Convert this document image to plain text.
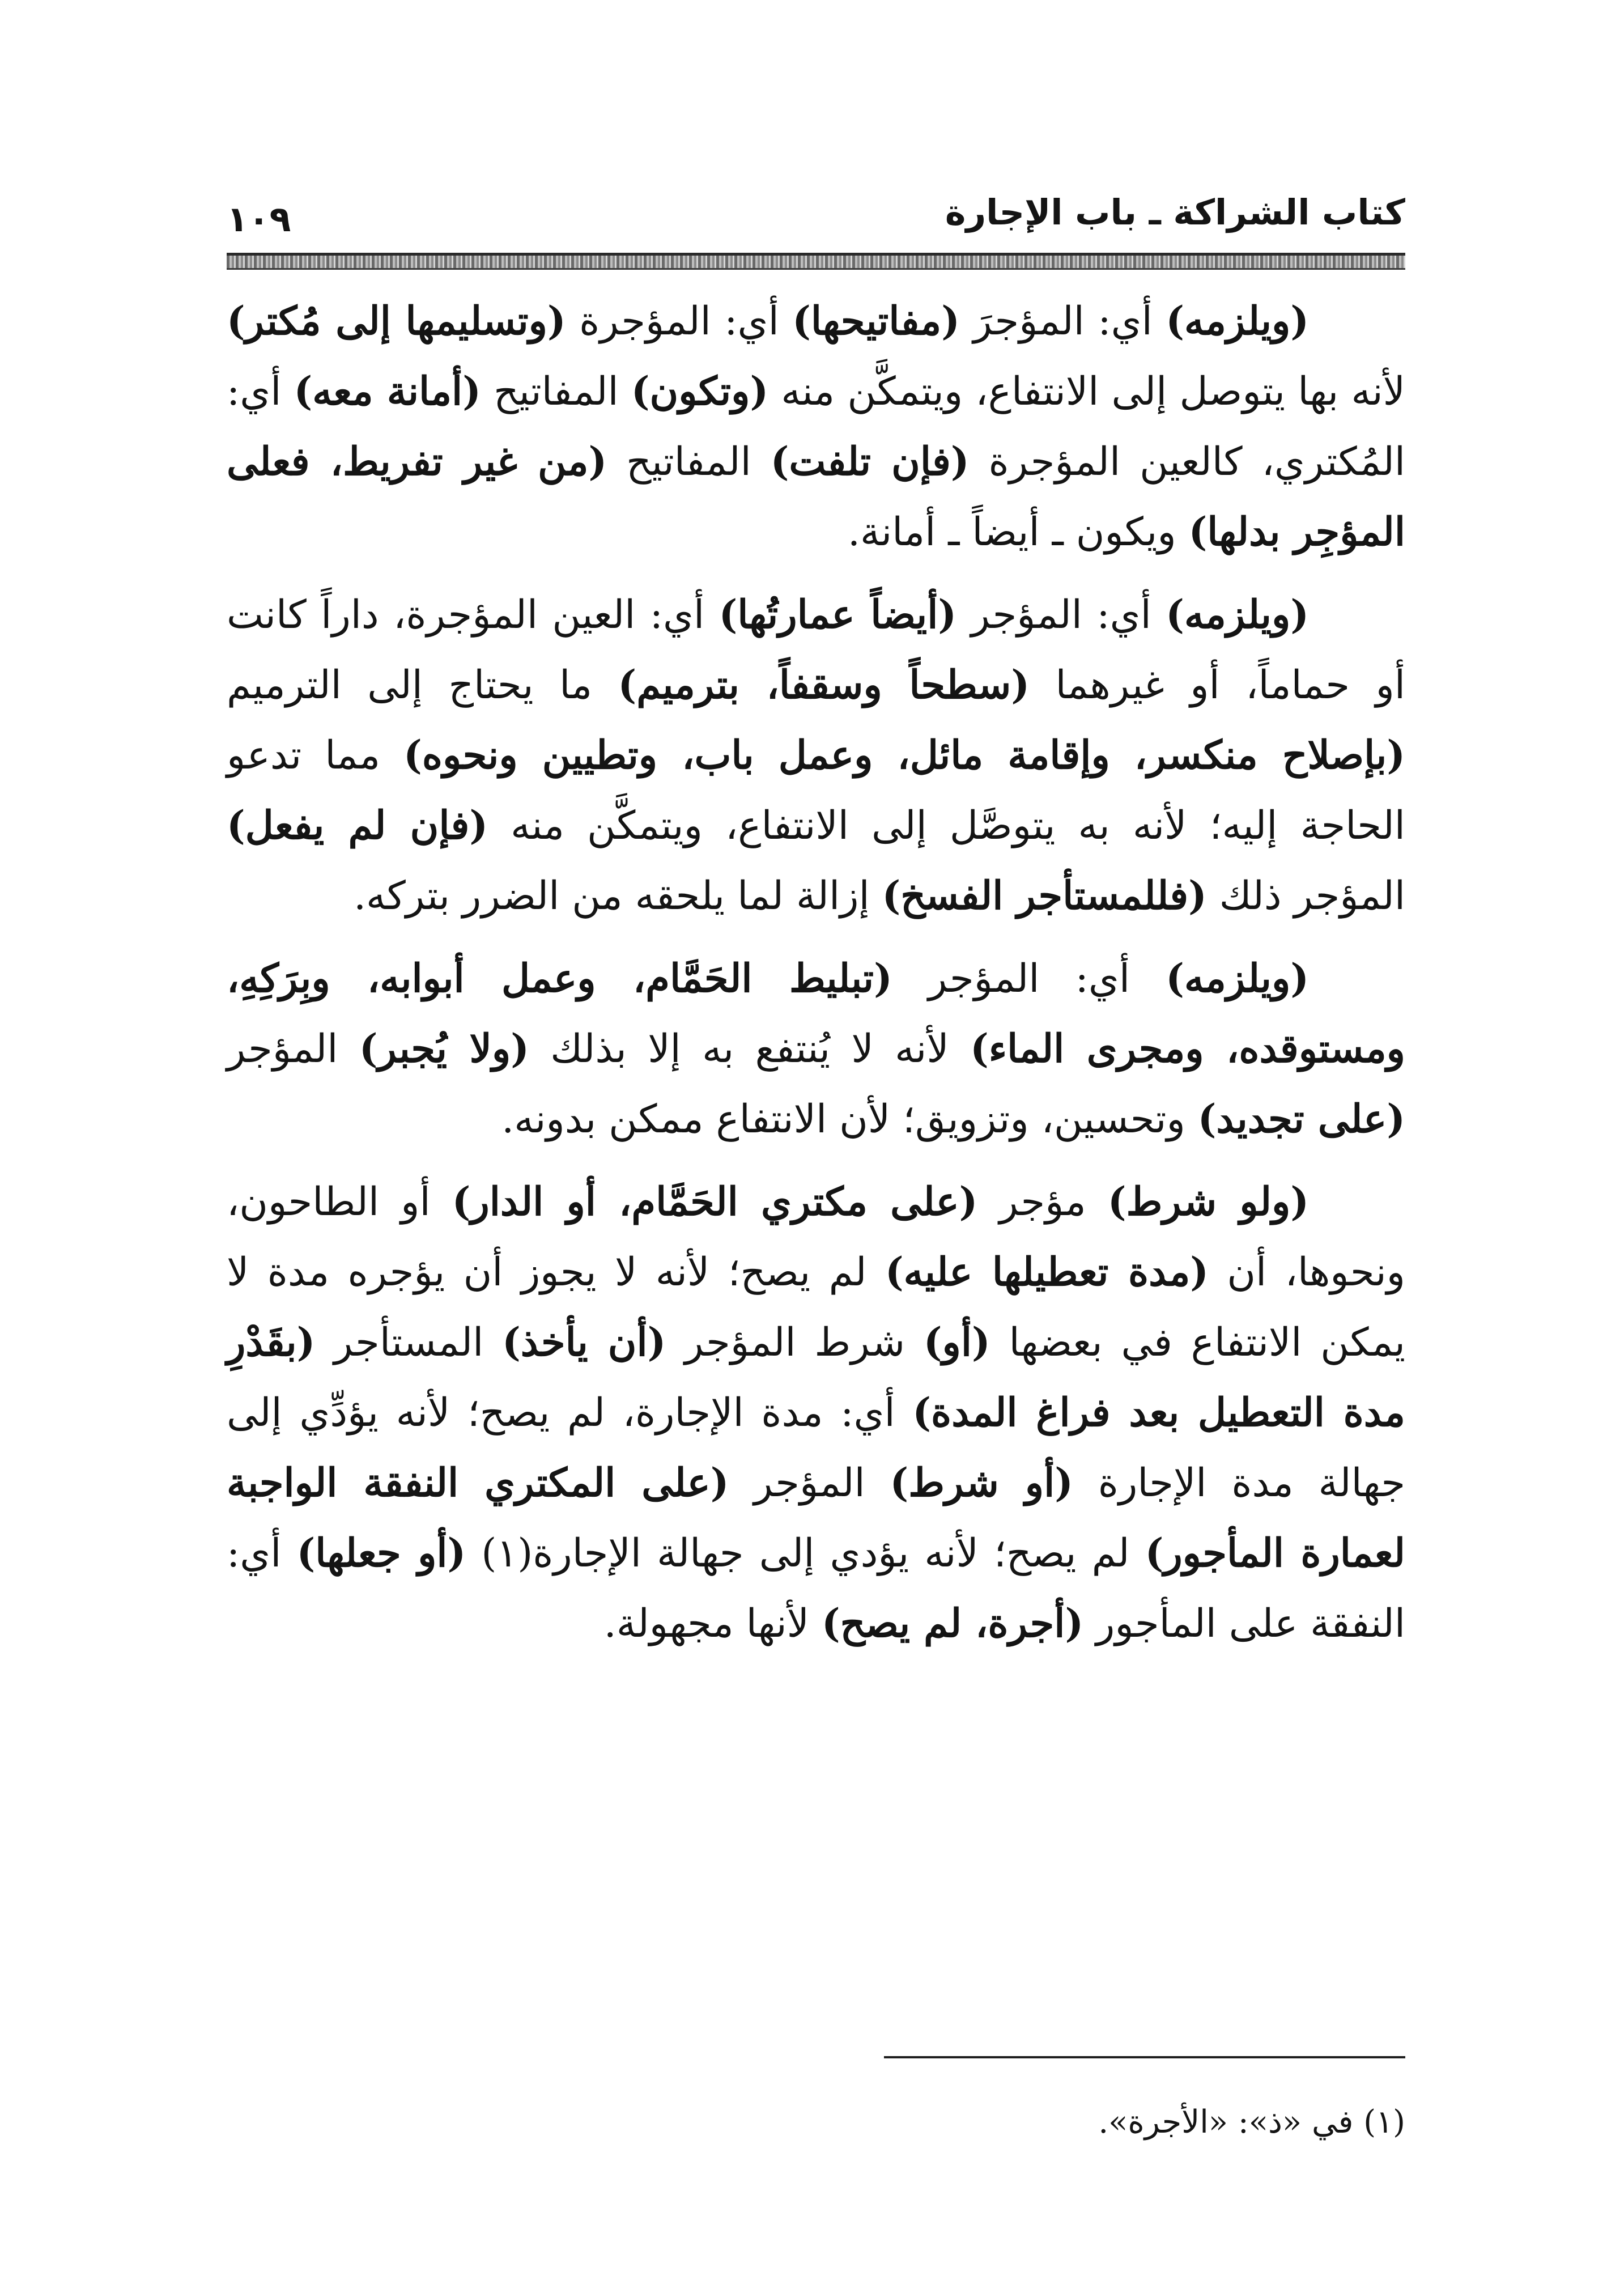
كتاب الشراكة ـ باب الإجارة
١٠٩

(ويلزمه) أي: المؤجرَ (مفاتيحها) أي: المؤجرة (وتسليمها إلى مُكتر) لأنه بها يتوصل إلى الانتفاع، ويتمكَّن منه (وتكون) المفاتيح (أمانة معه) أي: المُكتري، كالعين المؤجرة (فإن تلفت) المفاتيح (من غير تفريط، فعلى المؤجِر بدلها) ويكون ـ أيضاً ـ أمانة.

(ويلزمه) أي: المؤجر (أيضاً عمارتُها) أي: العين المؤجرة، داراً كانت أو حماماً، أو غيرهما (سطحاً وسقفاً، بترميم) ما يحتاج إلى الترميم (بإصلاح منكسر، وإقامة مائل، وعمل باب، وتطيين ونحوه) مما تدعو الحاجة إليه؛ لأنه به يتوصَّل إلى الانتفاع، ويتمكَّن منه (فإن لم يفعل) المؤجر ذلك (فللمستأجر الفسخ) إزالة لما يلحقه من الضرر بتركه.

(ويلزمه) أي: المؤجر (تبليط الحَمَّام، وعمل أبوابه، وبِرَكِهِ، ومستوقده، ومجرى الماء) لأنه لا يُنتفع به إلا بذلك (ولا يُجبر) المؤجر (على تجديد) وتحسين، وتزويق؛ لأن الانتفاع ممكن بدونه.

(ولو شرط) مؤجر (على مكتري الحَمَّام، أو الدار) أو الطاحون، ونحوها، أن (مدة تعطيلها عليه) لم يصح؛ لأنه لا يجوز أن يؤجره مدة لا يمكن الانتفاع في بعضها (أو) شرط المؤجر (أن يأخذ) المستأجر (بقَدْرِ مدة التعطيل بعد فراغ المدة) أي: مدة الإجارة، لم يصح؛ لأنه يؤدِّي إلى جهالة مدة الإجارة (أو شرط) المؤجر (على المكتري النفقة الواجبة لعمارة المأجور) لم يصح؛ لأنه يؤدي إلى جهالة الإجارة(١) (أو جعلها) أي: النفقة على المأجور (أجرة، لم يصح) لأنها مجهولة.

(١) في «ذ»: «الأجرة».
